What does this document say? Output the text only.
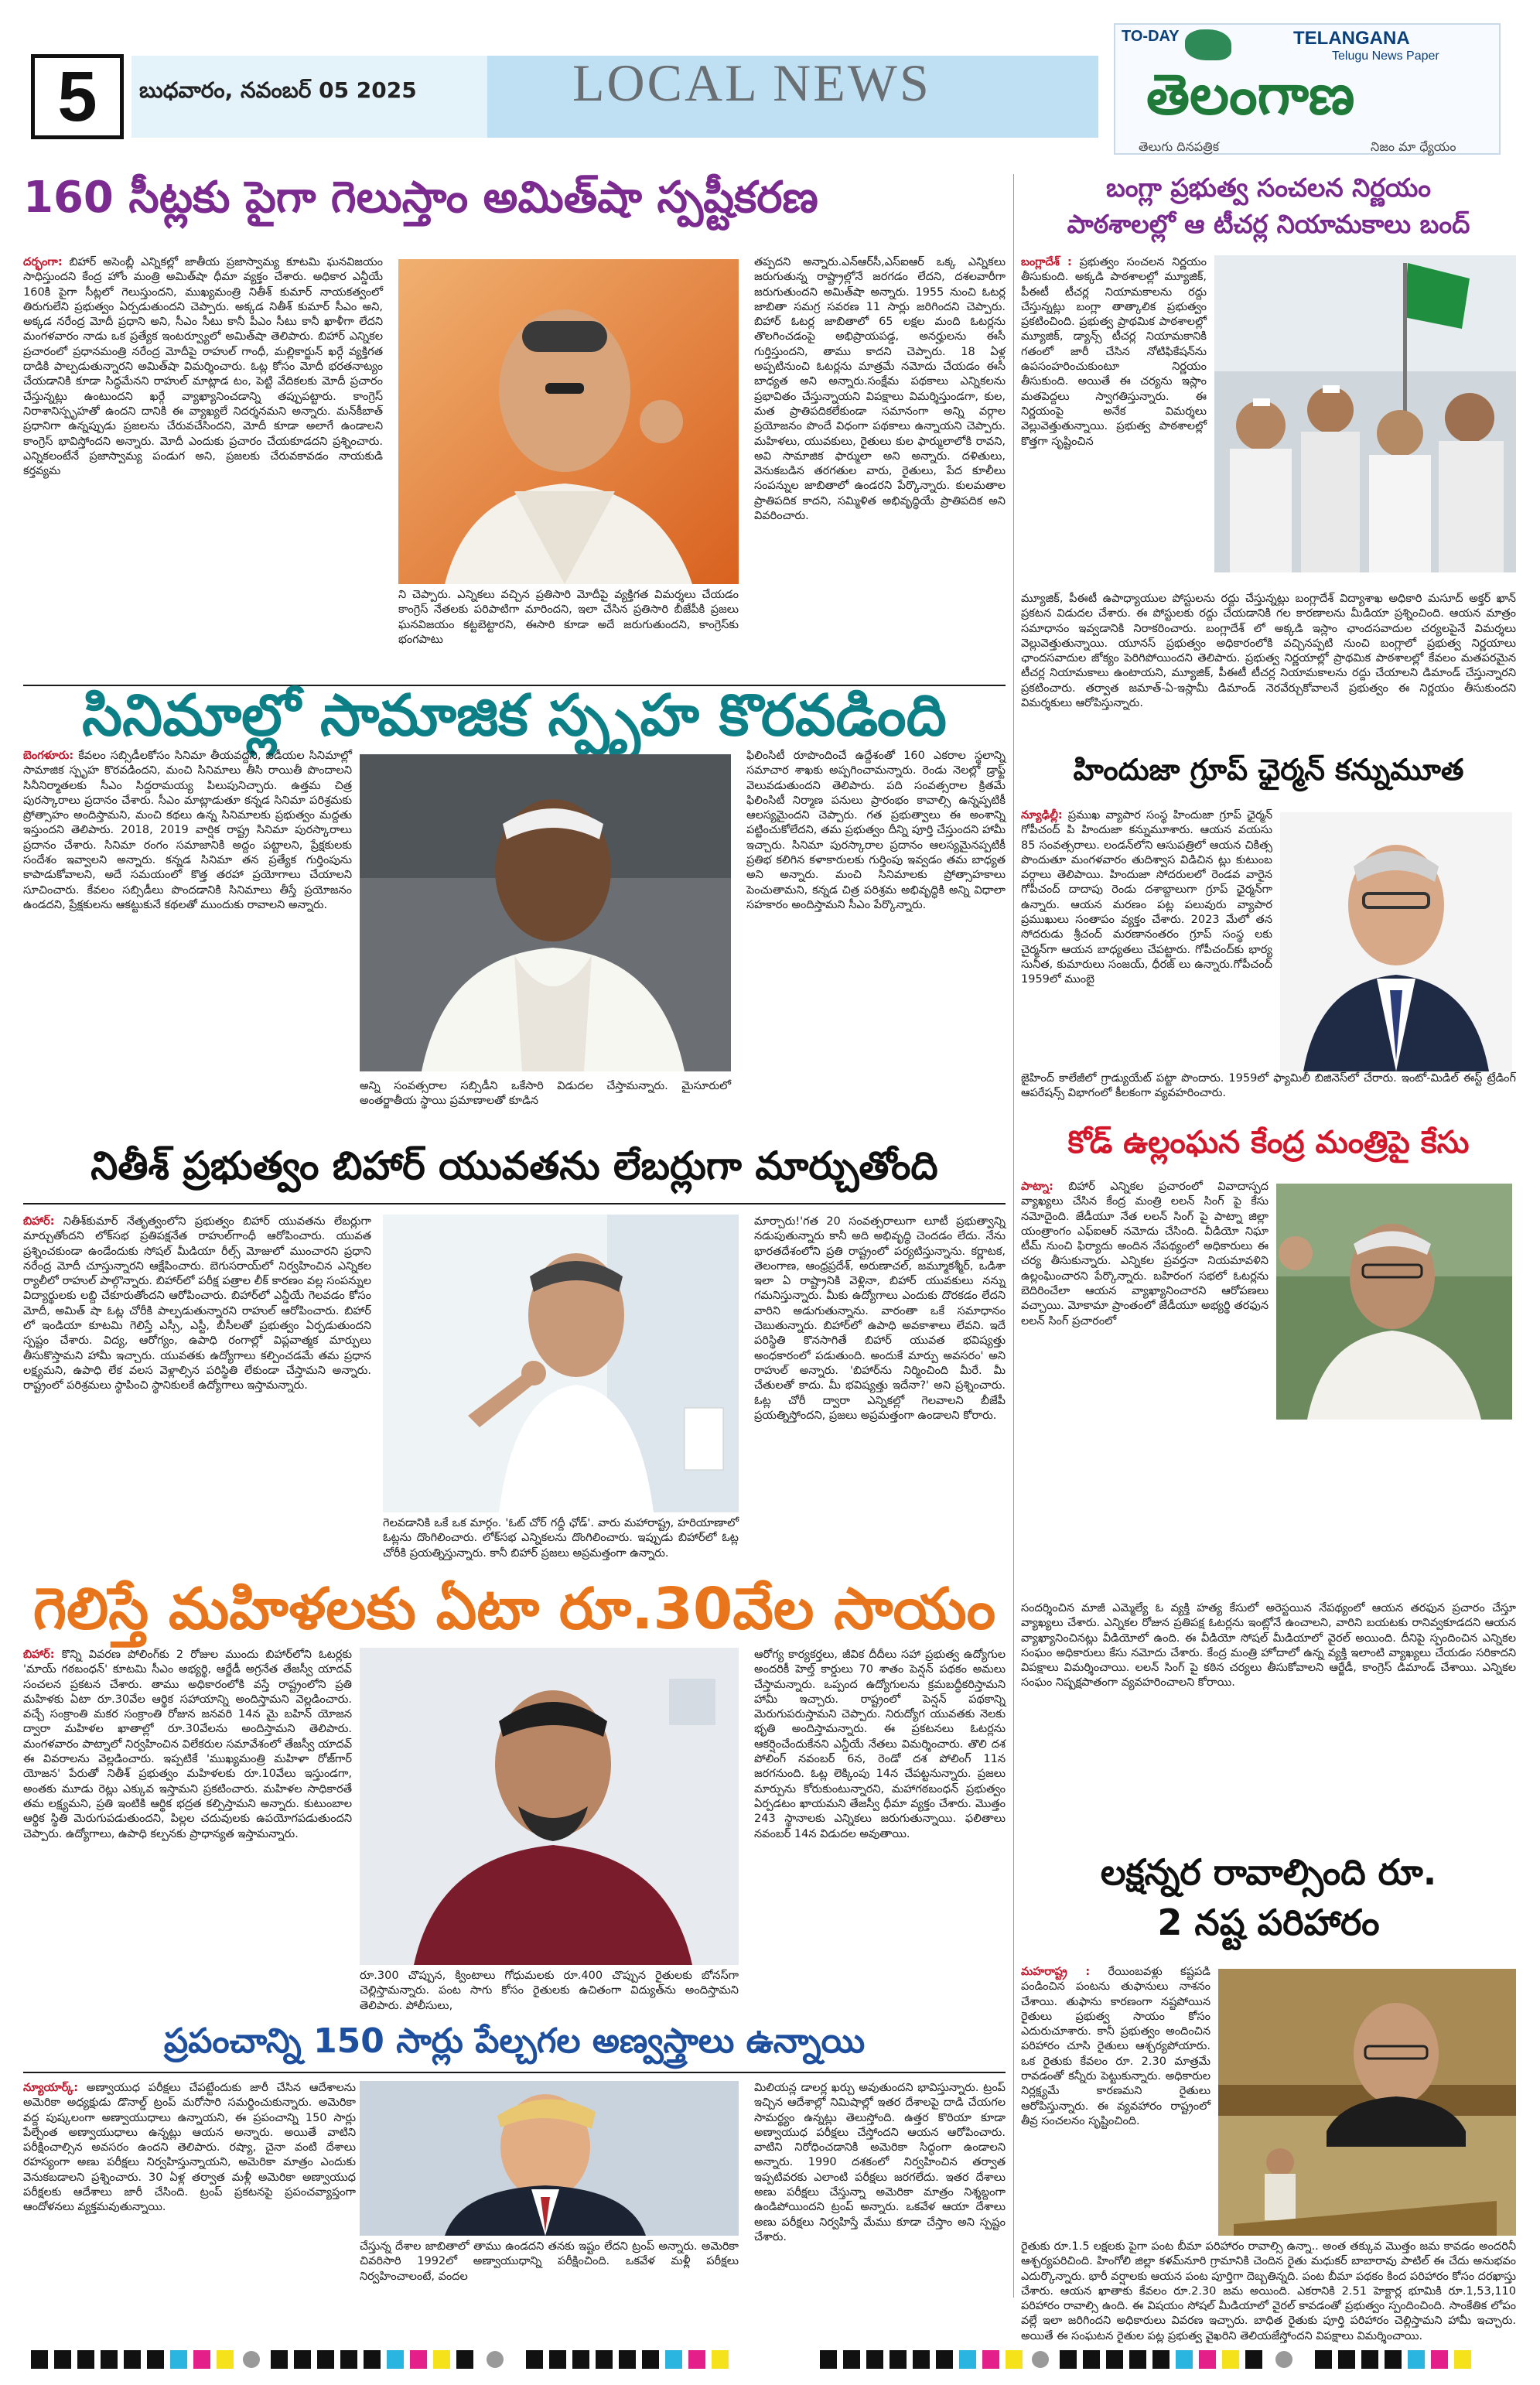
5	బుధవారం, నవంబర్ 05 2025	LOCAL NEWS
TO-DAY	TELANGANA
Telugu News Paper
తెలంగాణ
తెలుగు దినపత్రిక	నిజం మా ధ్యేయం
160 సీట్లకు పైగా గెలుస్తాం అమిత్‌షా స్పష్టీకరణ
దర్భంగా: బిహార్ అసెంబ్లీ ఎన్నికల్లో జాతీయ ప్రజాస్వామ్య కూటమి ఘనవిజయం సాధిస్తుందని కేంద్ర హోం మంత్రి అమిత్‌షా ధీమా వ్యక్తం చేశారు. అధికార ఎన్డీయే 160కి పైగా సీట్లలో గెలుస్తుందని, ముఖ్యమంత్రి నితీశ్ కుమార్ నాయకత్వంలో తిరుగులేని ప్రభుత్వం ఏర్పడుతుందని చెప్పారు. అక్కడ నితీశ్ కుమార్ సీఎం అని, అక్కడ నరేంద్ర మోదీ ప్రధాని అని, సీఎం సీటు కానీ పీఎం సీటు కానీ ఖాళీగా లేదని మంగళవారం నాడు ఒక ప్రత్యేక ఇంటర్వ్యూలో అమిత్‌షా తెలిపారు. బిహార్ ఎన్నికల ప్రచారంలో ప్రధానమంత్రి నరేంద్ర మోదీపై రాహుల్ గాంధీ, మల్లికార్జున్ ఖర్గే వ్యక్తిగత దాడికి పాల్పడుతున్నారని అమిత్‌షా విమర్శించారు. ఓట్ల కోసం మోదీ భరతనాట్యం చేయడానికి కూడా సిద్ధమేనని రాహుల్ మాట్లాడ టం, పెట్టి వేదికలకు మోదీ ప్రచారం చేస్తున్నట్లు ఉంటుందని ఖర్గే వ్యాఖ్యానించడాన్ని తప్పుపట్టారు. కాంగ్రెస్ నిరాశానిస్పృహతో ఉందని దానికి ఈ వ్యాఖ్యలే నిదర్శనమని అన్నారు. మన్‌కీబాత్ ప్రధానిగా ఉన్నప్పుడు ప్రజలను చేరువచేసిందని, మోదీ కూడా అలాగే ఉండాలని కాంగ్రెస్ భావిస్తోందని అన్నారు. మోదీ ఎందుకు ప్రచారం చేయకూడదని ప్రశ్నించారు. ఎన్నికలంటేనే ప్రజాస్వామ్య పండుగ అని, ప్రజలకు చేరువకావడం నాయకుడి కర్తవ్యమ
ని చెప్పారు. ఎన్నికలు వచ్చిన ప్రతిసారి మోదీపై వ్యక్తిగత విమర్శలు చేయడం కాంగ్రెస్ నేతలకు పరిపాటిగా మారిందని, ఇలా చేసిన ప్రతిసారి బీజేపీకి ప్రజలు ఘనవిజయం కట్టబెట్టారని, ఈసారి కూడా అదే జరుగుతుందని, కాంగ్రెస్‌కు భంగపాటు
తప్పదని అన్నారు.ఎన్‌ఆర్‌సీ,ఎస్‌ఐఆర్ ఒక్క ఎన్నికలు జరుగుతున్న రాష్ట్రాల్లోనే జరగడం లేదని, దశలవారీగా జరుగుతుందని అమిత్‌షా అన్నారు. 1955 నుంచి ఓటర్ల జాబితా సమగ్ర సవరణ 11 సార్లు జరిగిందని చెప్పారు. బిహార్ ఓటర్ల జాబితాలో 65 లక్షల మంది ఓటర్లను తొలగించడంపై అభిప్రాయపడ్డ, అనర్హులను ఈసీ గుర్తిస్తుందని, తాము కాదని చెప్పారు. 18 ఏళ్ల అప్పటినుంచి ఓటర్లను మాత్రమే నమోదు చేయడం ఈసీ బాధ్యత అని అన్నారు.సంక్షేమ పథకాలు ఎన్నికలను ప్రభావితం చేస్తున్నాయని విపక్షాలు విమర్శిస్తుండగా, కుల, మత ప్రాతిపదికలేకుండా సమానంగా అన్ని వర్గాల ప్రయోజనం పొందే విధంగా పథకాలు ఉన్నాయని చెప్పారు. మహిళలు, యువకులు, రైతులు కుల ఫార్ములాలోకి రావని, అవి సామాజిక ఫార్ములా అని అన్నారు. దళితులు, వెనుకబడిన తరగతుల వారు, రైతులు, పేద కూలీలు సంపన్నుల జాబితాలో ఉండరని పేర్కొన్నారు. కులమతాల ప్రాతిపదిక కాదని, సమ్మిళిత అభివృద్ధియే ప్రాతిపదిక అని వివరించారు.
బంగ్లా ప్రభుత్వ సంచలన నిర్ణయం
పాఠశాలల్లో ఆ టీచర్ల నియామకాలు బంద్
బంగ్లాదేశ్ : ప్రభుత్వం సంచలన నిర్ణయం తీసుకుంది. అక్కడి పాఠశాలల్లో మ్యూజిక్, పీఈటీ టీచర్ల నియామకాలను రద్దు చేస్తున్నట్లు బంగ్లా తాత్కాలిక ప్రభుత్వం ప్రకటించింది. ప్రభుత్వ ప్రాథమిక పాఠశాలల్లో మ్యూజిక్, డ్యాన్స్ టీచర్ల నియామకానికి గతంలో జారీ చేసిన నోటిఫికేషన్‌ను ఉపసంహరించుకుంటూ నిర్ణయం తీసుకుంది. అయితే ఈ చర్యను ఇస్లాం మతపెద్దలు స్వాగతిస్తున్నారు. ఈ నిర్ణయంపై అనేక విమర్శలు వెల్లువెత్తుతున్నాయి. ప్రభుత్వ పాఠశాలల్లో కొత్తగా సృష్టించిన
మ్యూజిక్, పీఈటీ ఉపాధ్యాయుల పోస్టులను రద్దు చేస్తున్నట్లు బంగ్లాదేశ్ విద్యాశాఖ అధికారి మసూద్ అక్తర్ ఖాన్ ప్రకటన విడుదల చేశారు. ఈ పోస్టులకు రద్దు చేయడానికి గల కారణాలను మీడియా ప్రశ్నించింది. ఆయన మాత్రం సమాధానం ఇవ్వడానికి నిరాకరించారు. బంగ్లాదేశ్ లో అక్కడి ఇస్లాం ఛాందసవాదుల చర్యలపైనే విమర్శలు వెల్లువెత్తుతున్నాయి. యూనస్ ప్రభుత్వం అధికారంలోకి వచ్చినప్పటి నుంచి బంగ్లాలో ప్రభుత్వ నిర్ణయాలు ఛాందసవాదుల జోక్యం పెరిగిపోయిందని తెలిపారు. ప్రభుత్వ నిర్ణయాల్లో ప్రాథమిక పాఠశాలల్లో కేవలం మతపరమైన టీచర్ల నియామకాలు ఉంటాయని, మ్యూజిక్, పీఈటీ టీచర్ల నియామకాలను రద్దు చేయాలని డిమాండ్ చేస్తున్నారని ప్రకటించారు. తర్వాత జమాత్-ఏ-ఇస్లామీ డిమాండ్ నెరవేర్చుకోవాలనే ప్రభుత్వం ఈ నిర్ణయం తీసుకుందని విమర్శకులు ఆరోపిస్తున్నారు.
సినిమాల్లో సామాజిక స్పృహ కొరవడింది
బెంగళూరు: కేవలం సబ్సిడీలకోసం సినిమా తీయవద్దని, ఐడీయల సినిమాల్లో సామాజిక స్పృహ కొరవడిందని, మంచి సినిమాలు తీసి రాయితీ పొందాలని సినీనిర్మాతలకు సీఎం సిద్దరామయ్య పిలుపునిచ్చారు. ఉత్తమ చిత్ర పురస్కారాలు ప్రదానం చేశారు. సీఎం మాట్లాడుతూ కన్నడ సినిమా పరిశ్రమకు ప్రోత్సాహం అందిస్తామని, మంచి కథలు ఉన్న సినిమాలకు ప్రభుత్వం మద్దతు ఇస్తుందని తెలిపారు. 2018, 2019 వార్షిక రాష్ట్ర సినిమా పురస్కారాలు ప్రదానం చేశారు. సినిమా రంగం సమాజానికి అద్దం పట్టాలని, ప్రేక్షకులకు సందేశం ఇవ్వాలని అన్నారు. కన్నడ సినిమా తన ప్రత్యేక గుర్తింపును కాపాడుకోవాలని, అదే సమయంలో కొత్త తరహా ప్రయోగాలు చేయాలని సూచించారు. కేవలం సబ్సిడీలు పొందడానికి సినిమాలు తీస్తే ప్రయోజనం ఉండదని, ప్రేక్షకులను ఆకట్టుకునే కథలతో ముందుకు రావాలని అన్నారు.
అన్ని సంవత్సరాల సబ్సిడీని ఒకేసారి విడుదల చేస్తామన్నారు. మైసూరులో అంతర్జాతీయ స్థాయి ప్రమాణాలతో కూడిన
ఫిలింసిటీ రూపొందించే ఉద్దేశంతో 160 ఎకరాల స్థలాన్ని సమాచార శాఖకు అప్పగించామన్నారు. రెండు నెలల్లో డ్రాఫ్ట్ వెలువడుతుందని తెలిపారు. పది సంవత్సరాల క్రితమే ఫిలింసిటీ నిర్మాణ పనులు ప్రారంభం కావాల్సి ఉన్నప్పటికీ ఆలస్యమైందని చెప్పారు. గత ప్రభుత్వాలు ఈ అంశాన్ని పట్టించుకోలేదని, తమ ప్రభుత్వం దీన్ని పూర్తి చేస్తుందని హామీ ఇచ్చారు. సినిమా పురస్కారాల ప్రదానం ఆలస్యమైనప్పటికీ ప్రతిభ కలిగిన కళాకారులకు గుర్తింపు ఇవ్వడం తమ బాధ్యత అని అన్నారు. మంచి సినిమాలకు ప్రోత్సాహకాలు పెంచుతామని, కన్నడ చిత్ర పరిశ్రమ అభివృద్ధికి అన్ని విధాలా సహకారం అందిస్తామని సీఎం పేర్కొన్నారు.
హిందుజా గ్రూప్ ఛైర్మన్ కన్నుమూత
న్యూఢిల్లీ: ప్రముఖ వ్యాపార సంస్థ హిందుజా గ్రూప్ ఛైర్మన్ గోపీచంద్ పి హిందుజా కన్నుమూశారు. ఆయన వయసు 85 సంవత్సరాలు. లండన్‌లోని ఆసుపత్రిలో ఆయన చికిత్స పొందుతూ మంగళవారం తుదిశ్వాస విడిచిన ట్లు కుటుంబ వర్గాలు తెలిపాయి. హిందుజా సోదరులలో రెండవ వారైన గోపీచంద్ దాదాపు రెండు దశాబ్దాలుగా గ్రూప్ ఛైర్మన్‌గా ఉన్నారు. ఆయన మరణం పట్ల పలువురు వ్యాపార ప్రముఖులు సంతాపం వ్యక్తం చేశారు. 2023 మేలో తన సోదరుడు శ్రీచంద్ మరణానంతరం గ్రూప్ సంస్థ లకు చైర్మన్‌గా ఆయన బాధ్యతలు చేపట్టారు. గోపీచంద్‌కు భార్య సునీత, కుమారులు సంజయ్, ధీరజ్ లు ఉన్నారు.గోపీచంద్ 1959లో ముంబై
జైహింద్ కాలేజీలో గ్రాడ్యుయేట్ పట్టా పొందారు. 1959లో ఫ్యామిలీ బిజినెస్‌లో చేరారు. ఇంటో-మిడిల్ ఈస్ట్ ట్రేడింగ్ ఆపరేషన్స్ విభాగంలో కీలకంగా వ్యవహరించారు.
నితీశ్ ప్రభుత్వం బిహార్ యువతను లేబర్లుగా మార్చుతోంది
బిహార్: నితీశ్‌కుమార్ నేతృత్వంలోని ప్రభుత్వం బిహార్ యువతను లేబర్లుగా మార్చుతోందని లోక్‌సభ ప్రతిపక్షనేత రాహుల్‌గాంధీ ఆరోపించారు. యువత ప్రశ్నించకుండా ఉండేందుకు సోషల్ మీడియా రీల్స్ మోజులో ముంచారని ప్రధాని నరేంద్ర మోదీ చూస్తున్నారని ఆక్షేపించారు. బెగుసరాయ్‌లో నిర్వహించిన ఎన్నికల ర్యాలీలో రాహుల్ పాల్గొన్నారు. బిహార్‌లో పరీక్ష పత్రాల లీక్ కారణం వల్ల సంపన్నుల విద్యార్థులకు లబ్ది చేకూరుతోందని ఆరోపించారు. బిహార్‌లో ఎన్డీయే గెలవడం కోసం మోదీ, అమిత్ షా ఓట్ల చోరీకి పాల్పడుతున్నారని రాహుల్ ఆరోపించారు. బిహార్ లో ఇండియా కూటమి గెలిస్తే ఎస్సీ, ఎస్టీ, బీసీలతో ప్రభుత్వం ఏర్పడుతుందని స్పష్టం చేశారు. విద్య, ఆరోగ్యం, ఉపాధి రంగాల్లో విప్లవాత్మక మార్పులు తీసుకొస్తామని హామీ ఇచ్చారు. యువతకు ఉద్యోగాలు కల్పించడమే తమ ప్రధాన లక్ష్యమని, ఉపాధి లేక వలస వెళ్లాల్సిన పరిస్థితి లేకుండా చేస్తామని అన్నారు. రాష్ట్రంలో పరిశ్రమలు స్థాపించి స్థానికులకే ఉద్యోగాలు ఇస్తామన్నారు.
గెలవడానికి ఒకే ఒక మార్గం. 'ఓట్ చోర్ గద్దీ ఛోడ్'. వారు మహారాష్ట్ర, హరియాణాలో ఓట్లను దొంగిలించారు. లోక్‌సభ ఎన్నికలను దొంగిలించారు. ఇప్పుడు బిహార్‌లో ఓట్ల చోరీకి ప్రయత్నిస్తున్నారు. కానీ బిహార్ ప్రజలు అప్రమత్తంగా ఉన్నారు.
మార్చారు!'గత 20 సంవత్సరాలుగా లూటీ ప్రభుత్వాన్ని నడుపుతున్నారు కానీ అది అభివృద్ధి చెందడం లేదు. నేను భారతదేశంలోని ప్రతి రాష్ట్రంలో పర్యటిస్తున్నాను. కర్ణాటక, తెలంగాణ, ఆంధ్రప్రదేశ్, అరుణాచల్, జమ్మూకశ్మీర్, ఒడిశా ఇలా ఏ రాష్ట్రానికి వెళ్లినా, బిహార్ యువకులు నన్ను గమనిస్తున్నారు. మీకు ఉద్యోగాలు ఎందుకు దొరకడం లేదని వారిని అడుగుతున్నాను. వారంతా ఒకే సమాధానం చెబుతున్నారు. బిహార్‌లో ఉపాధి అవకాశాలు లేవని. ఇదే పరిస్థితి కొనసాగితే బిహార్ యువత భవిష్యత్తు అంధకారంలో పడుతుంది. అందుకే మార్పు అవసరం' అని రాహుల్ అన్నారు. 'బిహార్‌ను నిర్మించింది మీరే. మీ చేతులతో కాదు. మీ భవిష్యత్తు ఇదేనా?' అని ప్రశ్నించారు. ఓట్ల చోరీ ద్వారా ఎన్నికల్లో గెలవాలని బీజేపీ ప్రయత్నిస్తోందని, ప్రజలు అప్రమత్తంగా ఉండాలని కోరారు.
కోడ్ ఉల్లంఘన కేంద్ర మంత్రిపై కేసు
పాట్నా: బిహార్ ఎన్నికల ప్రచారంలో వివాదాస్పద వ్యాఖ్యలు చేసిన కేంద్ర మంత్రి లలన్ సింగ్ పై కేసు నమోదైంది. జేడీయూ నేత లలన్ సింగ్ పై పాట్నా జిల్లా యంత్రాంగం ఎఫ్‌ఐఆర్ నమోదు చేసింది. వీడియో నిఘా టీమ్ నుంచి ఫిర్యాదు అందిన నేపథ్యంలో అధికారులు ఈ చర్య తీసుకున్నారు. ఎన్నికల ప్రవర్తనా నియమావళిని ఉల్లంఘించారని పేర్కొన్నారు. బహిరంగ సభలో ఓటర్లను బెదిరించేలా ఆయన వ్యాఖ్యానించారని ఆరోపణలు వచ్చాయి. మోకామా ప్రాంతంలో జేడీయూ అభ్యర్థి తరఫున లలన్ సింగ్ ప్రచారంలో
సందర్శించిన మాజీ ఎమ్మెల్యే ఓ వ్యక్తి హత్య కేసులో అరెస్టయిన నేపథ్యంలో ఆయన తరఫున ప్రచారం చేస్తూ వ్యాఖ్యలు చేశారు. ఎన్నికల రోజున ప్రతిపక్ష ఓటర్లను ఇంట్లోనే ఉంచాలని, వారిని బయటకు రానివ్వకూడదని ఆయన వ్యాఖ్యానించినట్లు వీడియోలో ఉంది. ఈ వీడియో సోషల్ మీడియాలో వైరల్ అయింది. దీనిపై స్పందించిన ఎన్నికల సంఘం అధికారులు కేసు నమోదు చేశారు. కేంద్ర మంత్రి హోదాలో ఉన్న వ్యక్తి ఇలాంటి వ్యాఖ్యలు చేయడం సరికాదని విపక్షాలు విమర్శించాయి. లలన్ సింగ్ పై కఠిన చర్యలు తీసుకోవాలని ఆర్జేడీ, కాంగ్రెస్ డిమాండ్ చేశాయి. ఎన్నికల సంఘం నిష్పక్షపాతంగా వ్యవహరించాలని కోరాయి.
గెలిస్తే మహిళలకు ఏటా రూ.30వేల సాయం
బిహార్: కొన్ని వివరణ పోలింగ్‌కు 2 రోజుల ముందు బిహార్‌లోని ఓటర్లకు 'మాయ్ గఠబంధన్' కూటమి సీఎం అభ్యర్థి, ఆర్జేడీ అగ్రనేత తేజస్వీ యాదవ్ సంచలన ప్రకటన చేశారు. తాము అధికారంలోకి వస్తే రాష్ట్రంలోని ప్రతి మహిళకు ఏటా రూ.30వేల ఆర్థిక సహాయాన్ని అందిస్తామని వెల్లడించారు. వచ్చే సంక్రాంతి మకర సంక్రాంతి రోజున జనవరి 14న మై బహిన్ యోజన ద్వారా మహిళల ఖాతాల్లో రూ.30వేలను అందిస్తామని తెలిపారు. మంగళవారం పాట్నాలో నిర్వహించిన విలేకరుల సమావేశంలో తేజస్వీ యాదవ్ ఈ వివరాలను వెల్లడించారు. ఇప్పటికే 'ముఖ్యమంత్రి మహిళా రోజ్‌గార్ యోజన' పేరుతో నితీశ్ ప్రభుత్వం మహిళలకు రూ.10వేలు ఇస్తుండగా, అంతకు మూడు రెట్లు ఎక్కువ ఇస్తామని ప్రకటించారు. మహిళల సాధికారతే తమ లక్ష్యమని, ప్రతి ఇంటికి ఆర్థిక భద్రత కల్పిస్తామని అన్నారు. కుటుంబాల ఆర్థిక స్థితి మెరుగుపడుతుందని, పిల్లల చదువులకు ఉపయోగపడుతుందని చెప్పారు. ఉద్యోగాలు, ఉపాధి కల్పనకు ప్రాధాన్యత ఇస్తామన్నారు.
రూ.300 చొప్పున, క్వింటాలు గోధుమలకు రూ.400 చొప్పున రైతులకు బోనస్‌గా చెల్లిస్తామన్నారు. పంట సాగు కోసం రైతులకు ఉచితంగా విద్యుత్‌ను అందిస్తామని తెలిపారు. పోలీసులు,
ఆరోగ్య కార్యకర్తలు, జీవిక దీదీలు సహా ప్రభుత్వ ఉద్యోగుల అందరికీ హెల్త్ కార్డులు 70 శాతం పెన్షన్ పథకం అమలు చేస్తామన్నారు. ఒప్పంద ఉద్యోగులను క్రమబద్ధీకరిస్తామని హామీ ఇచ్చారు. రాష్ట్రంలో పెన్షన్ పథకాన్ని మెరుగుపరుస్తామని చెప్పారు. నిరుద్యోగ యువతకు నెలకు భృతి అందిస్తామన్నారు. ఈ ప్రకటనలు ఓటర్లను ఆకర్షించేందుకేనని ఎన్డీయే నేతలు విమర్శించారు. తొలి దశ పోలింగ్ నవంబర్ 6న, రెండో దశ పోలింగ్ 11న జరగనుంది. ఓట్ల లెక్కింపు 14న చేపట్టనున్నారు. ప్రజలు మార్పును కోరుకుంటున్నారని, మహాగఠబంధన్ ప్రభుత్వం ఏర్పడటం ఖాయమని తేజస్వీ ధీమా వ్యక్తం చేశారు. మొత్తం 243 స్థానాలకు ఎన్నికలు జరుగుతున్నాయి. ఫలితాలు నవంబర్ 14న విడుదల అవుతాయి.
లక్షన్నర రావాల్సింది రూ.
2 నష్ట పరిహారం
మహరాష్ట్ర : రేయింబవళ్లు కష్టపడి పండించిన పంటను తుఫానులు నాశనం చేశాయి. తుఫాను కారణంగా నష్టపోయిన రైతులు ప్రభుత్వ సాయం కోసం ఎదురుచూశారు. కానీ ప్రభుత్వం అందించిన పరిహారం చూసి రైతులు ఆశ్చర్యపోయారు. ఒక రైతుకు కేవలం రూ. 2.30 మాత్రమే రావడంతో కన్నీరు పెట్టుకున్నారు. అధికారుల నిర్లక్ష్యమే కారణమని రైతులు ఆరోపిస్తున్నారు. ఈ వ్యవహారం రాష్ట్రంలో తీవ్ర సంచలనం సృష్టించింది.
రైతుకు రూ.1.5 లక్షలకు పైగా పంట బీమా పరిహారం రావాల్సి ఉన్నా.. అంత తక్కువ మొత్తం జమ కావడం అందరినీ ఆశ్చర్యపరిచింది. హింగోలి జిల్లా కళమ్‌నూరి గ్రామానికి చెందిన రైతు మధుకర్ బాబారావు పాటిల్ ఈ చేదు అనుభవం ఎదుర్కొన్నారు. భారీ వర్షాలకు ఆయన పంట పూర్తిగా దెబ్బతిన్నది. పంట బీమా పథకం కింద పరిహారం కోసం దరఖాస్తు చేశారు. ఆయన ఖాతాకు కేవలం రూ.2.30 జమ అయింది. ఎకరానికి 2.51 హెక్టార్ల భూమికి రూ.1,53,110 పరిహారం రావాల్సి ఉంది. ఈ విషయం సోషల్ మీడియాలో వైరల్ కావడంతో ప్రభుత్వం స్పందించింది. సాంకేతిక లోపం వల్లే ఇలా జరిగిందని అధికారులు వివరణ ఇచ్చారు. బాధిత రైతుకు పూర్తి పరిహారం చెల్లిస్తామని హామీ ఇచ్చారు. అయితే ఈ సంఘటన రైతుల పట్ల ప్రభుత్వ వైఖరిని తెలియజేస్తోందని విపక్షాలు విమర్శించాయి.
ప్రపంచాన్ని 150 సార్లు పేల్చగల అణ్వస్త్రాలు ఉన్నాయి
న్యూయార్క్: అణ్వాయుధ పరీక్షలు చేపట్టేందుకు జారీ చేసిన ఆదేశాలను అమెరికా అధ్యక్షుడు డొనాల్డ్ ట్రంప్ మరోసారి సమర్థించుకున్నారు. అమెరికా వద్ద పుష్కలంగా అణ్వాయుధాలు ఉన్నాయని, ఈ ప్రపంచాన్ని 150 సార్లు పేల్చేంత అణ్వాయుధాలు ఉన్నట్లు ఆయన అన్నారు. అయితే వాటిని పరీక్షించాల్సిన అవసరం ఉందని తెలిపారు. రష్యా, చైనా వంటి దేశాలు రహస్యంగా అణు పరీక్షలు నిర్వహిస్తున్నాయని, అమెరికా మాత్రం ఎందుకు వెనుకబడాలని ప్రశ్నించారు. 30 ఏళ్ల తర్వాత మళ్లీ అమెరికా అణ్వాయుధ పరీక్షలకు ఆదేశాలు జారీ చేసింది. ట్రంప్ ప్రకటనపై ప్రపంచవ్యాప్తంగా ఆందోళనలు వ్యక్తమవుతున్నాయి.
చేస్తున్న దేశాల జాబితాలో తాము ఉండదని తనకు ఇష్టం లేదని ట్రంప్ అన్నారు. అమెరికా చివరిసారి 1992లో అణ్వాయుధాన్ని పరీక్షించింది. ఒకవేళ మళ్లీ పరీక్షలు నిర్వహించాలంటే, వందల
మిలియన్ల డాలర్ల ఖర్చు అవుతుందని భావిస్తున్నారు. ట్రంప్ ఇచ్చిన ఆదేశాల్లో నిమిషాల్లో ఇతర దేశాలపై దాడి చేయగల సామర్థ్యం ఉన్నట్లు తెలుస్తోంది. ఉత్తర కొరియా కూడా అణ్వాయుధ పరీక్షలు చేస్తోందని ఆయన ఆరోపించారు. వాటిని నిరోధించడానికి అమెరికా సిద్ధంగా ఉండాలని అన్నారు. 1990 దశకంలో నిర్వహించిన తర్వాత ఇప్పటివరకు ఎలాంటి పరీక్షలు జరగలేదు. ఇతర దేశాలు అణు పరీక్షలు చేస్తున్నా అమెరికా మాత్రం నిశ్శబ్దంగా ఉండిపోయిందని ట్రంప్ అన్నారు. ఒకవేళ ఆయా దేశాలు అణు పరీక్షలు నిర్వహిస్తే మేము కూడా చేస్తాం అని స్పష్టం చేశారు.
